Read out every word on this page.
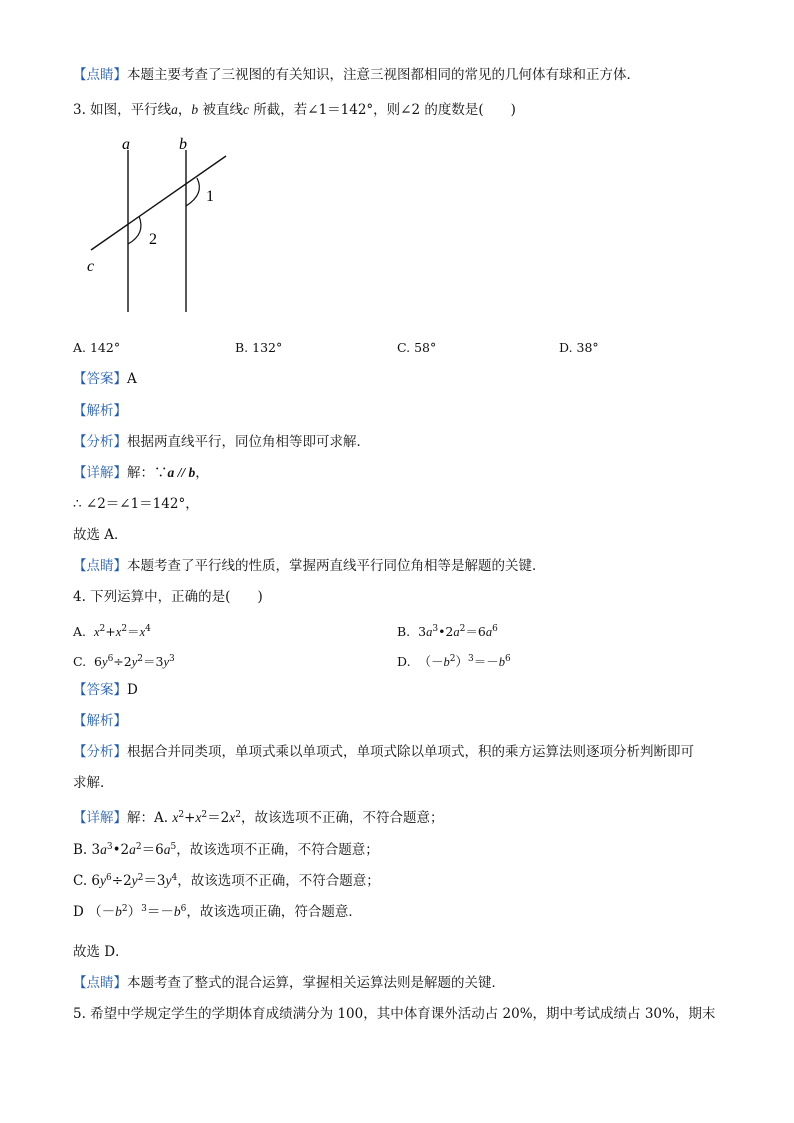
【点睛】本题主要考查了三视图的有关知识，注意三视图都相同的常见的几何体有球和正方体．
3. 如图，平行线a，b 被直线c 所截，若∠1＝142°，则∠2 的度数是(　　)
a	b
c
1
2
A. 142°	B. 132°	C. 58°	D. 38°
【答案】A
【解析】
【分析】根据两直线平行，同位角相等即可求解．
【详解】解：∵a // b，
∴ ∠2＝∠1＝142°，
故选 A．
【点睛】本题考查了平行线的性质，掌握两直线平行同位角相等是解题的关键．
4. 下列运算中，正确的是(　　)
A. $x^2+x^2=x^4$	B.  $3a^3•2a^2=6a^6$
C.  $6y^6\div 2y^2=3y^3$	D.  $(-b^2)^3=-b^6$
【答案】D
【解析】
【分析】根据合并同类项，单项式乘以单项式，单项式除以单项式，积的乘方运算法则逐项分析判断即可
求解．
【详解】解：A. $x^2+x^2=2x^2$，故该选项不正确，不符合题意；
B. $3a^3•2a^2=6a^5$，故该选项不正确，不符合题意；
C. $6y^6\div 2y^2=3y^4$，故该选项不正确，不符合题意；
D $(-b^2)^3=-b^6$，故该选项正确，符合题意．
故选 D．
【点睛】本题考查了整式的混合运算，掌握相关运算法则是解题的关键．
5. 希望中学规定学生的学期体育成绩满分为 100，其中体育课外活动占 20%，期中考试成绩占 30%，期末
